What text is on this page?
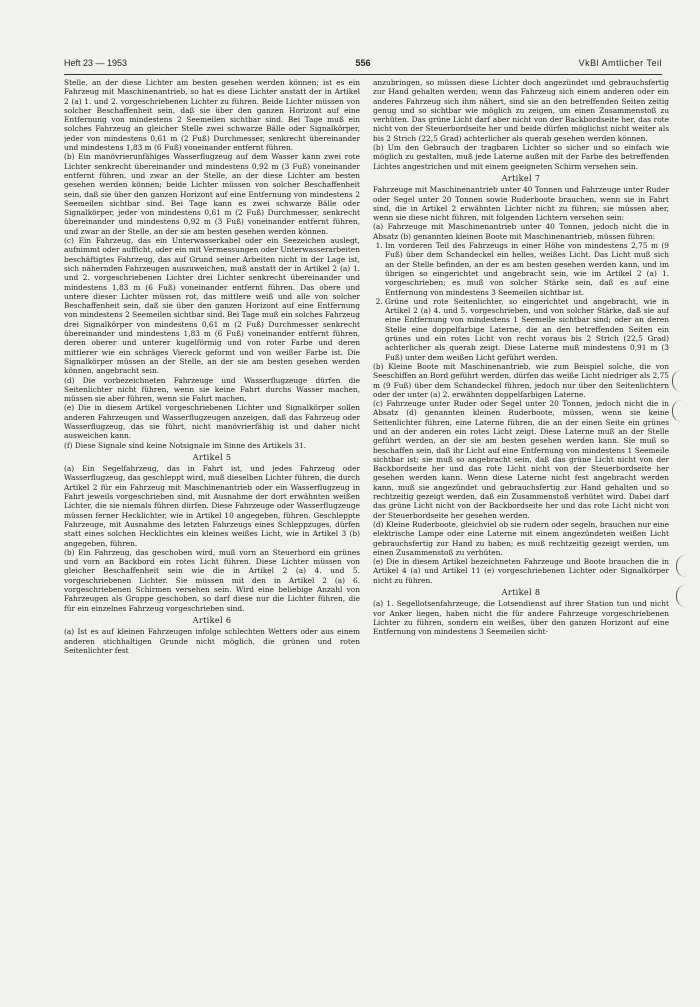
Heft 23 — 1953	556	VkBl Amtlicher Teil

Stelle, an der diese Lichter am besten gesehen werden können; ist es ein Fahrzeug mit Maschinenantrieb, so hat es diese Lichter anstatt der in Artikel 2 (a) 1. und 2. vorgeschriebenen Lichter zu führen. Beide Lichter müssen von solcher Beschaffenheit sein, daß sie über den ganzen Horizont auf eine Entfernung von mindestens 2 Seemeilen sichtbar sind. Bei Tage muß ein solches Fahrzeug an gleicher Stelle zwei schwarze Bälle oder Signalkörper, jeder von mindestens 0,61 m (2 Fuß) Durchmesser, senkrecht übereinander und mindestens 1,83 m (6 Fuß) voneinander entfernt führen.

(b) Ein manövrierunfähiges Wasserflugzeug auf dem Wasser kann zwei rote Lichter senkrecht übereinander und mindestens 0,92 m (3 Fuß) voneinander entfernt führen, und zwar an der Stelle, an der diese Lichter am besten gesehen werden können; beide Lichter müssen von solcher Beschaffenheit sein, daß sie über den ganzen Horizont auf eine Entfernung von mindestens 2 Seemeilen sichtbar sind. Bei Tage kann es zwei schwarze Bälle oder Signalkörper, jeder von mindestens 0,61 m (2 Fuß) Durchmesser, senkrecht übereinander und mindestens 0,92 m (3 Fuß) voneinander entfernt führen, und zwar an der Stelle, an der sie am besten gesehen werden können.

(c) Ein Fahrzeug, das ein Unterwasserkabel oder ein Seezeichen auslegt, aufnimmt oder aufficht, oder ein mit Vermessungen oder Unterwasserarbeiten beschäftigtes Fahrzeug, das auf Grund seiner Arbeiten nicht in der Lage ist, sich nähernden Fahrzeugen auszuweichen, muß anstatt der in Artikel 2 (a) 1. und 2. vorgeschriebenen Lichter drei Lichter senkrecht übereinander und mindestens 1,83 m (6 Fuß) voneinander entfernt führen. Das obere und untere dieser Lichter müssen rot, das mittlere weiß und alle von solcher Beschaffenheit sein, daß sie über den ganzen Horizont auf eine Entfernung von mindestens 2 Seemeilen sichtbar sind. Bei Tage muß ein solches Fahrzeug drei Signalkörper von mindestens 0,61 m (2 Fuß) Durchmesser senkrecht übereinander und mindestens 1,83 m (6 Fuß) voneinander entfernt führen, deren oberer und unterer kugelförmig und von roter Farbe und deren mittlerer wie ein schräges Viereck geformt und von weißer Farbe ist. Die Signalkörper müssen an der Stelle, an der sie am besten gesehen werden können, angebracht sein.

(d) Die vorbezeichneten Fahrzeuge und Wasserflugzeuge dürfen die Seitenlichter nicht führen, wenn sie keine Fahrt durchs Wasser machen, müssen sie aber führen, wenn sie Fahrt machen.

(e) Die in diesem Artikel vorgeschriebenen Lichter und Signalkörper sollen anderen Fahrzeugen und Wasserflugzeugen anzeigen, daß das Fahrzeug oder Wasserflugzeug, das sie führt, nicht manövrierfähig ist und daher nicht ausweichen kann.

(f) Diese Signale sind keine Notsignale im Sinne des Artikels 31.

Artikel 5

(a) Ein Segelfahrzeug, das in Fahrt ist, und jedes Fahrzeug oder Wasserflugzeug, das geschleppt wird, muß dieselben Lichter führen, die durch Artikel 2 für ein Fahrzeug mit Maschinenantrieb oder ein Wasserflugzeug in Fahrt jeweils vorgeschrieben sind, mit Ausnahme der dort erwähnten weißen Lichter, die sie niemals führen dürfen. Diese Fahrzeuge oder Wasserflugzeuge müssen ferner Hecklichter, wie in Artikel 10 angegeben, führen. Geschleppte Fahrzeuge, mit Ausnahme des letzten Fahrzeugs eines Schleppzuges, dürfen statt eines solchen Hecklichtes ein kleines weißes Licht, wie in Artikel 3 (b) angegeben, führen.

(b) Ein Fahrzeug, das geschoben wird, muß vorn an Steuerbord ein grünes und vorn an Backbord ein rotes Licht führen. Diese Lichter müssen von gleicher Beschaffenheit sein wie die in Artikel 2 (a) 4. und 5. vorgeschriebenen Lichter. Sie müssen mit den in Artikel 2 (a) 6. vorgeschriebenen Schirmen versehen sein. Wird eine beliebige Anzahl von Fahrzeugen als Gruppe geschoben, so darf diese nur die Lichter führen, die für ein einzelnes Fahrzeug vorgeschrieben sind.

Artikel 6

(a) Ist es auf kleinen Fahrzeugen infolge schlechten Wetters oder aus einem anderen stichhaltigen Grunde nicht möglich, die grünen und roten Seitenlichter fest

anzubringen, so müssen diese Lichter doch angezündet und gebrauchsfertig zur Hand gehalten werden; wenn das Fahrzeug sich einem anderen oder ein anderes Fahrzeug sich ihm nähert, sind sie an den betreffenden Seiten zeitig genug und so sichtbar wie möglich zu zeigen, um einen Zusammenstoß zu verhüten. Das grüne Licht darf aber nicht von der Backbordseite her, das rote nicht von der Steuerbordseite her und beide dürfen möglichst nicht weiter als bis 2 Strich (22,5 Grad) achterlicher als querab gesehen werden können.

(b) Um den Gebrauch der tragbaren Lichter so sicher und so einfach wie möglich zu gestalten, muß jede Laterne außen mit der Farbe des betreffenden Lichtes angestrichen und mit einem geeigneten Schirm versehen sein.

Artikel 7

Fahrzeuge mit Maschinenantrieb unter 40 Tonnen und Fahrzeuge unter Ruder oder Segel unter 20 Tonnen sowie Ruderboote brauchen, wenn sie in Fahrt sind, die in Artikel 2 erwähnten Lichter nicht zu führen; sie müssen aber, wenn sie diese nicht führen, mit folgenden Lichtern versehen sein:

(a) Fahrzeuge mit Maschinenantrieb unter 40 Tonnen, jedoch nicht die in Absatz (b) genannten kleinen Boote mit Maschinenantrieb, müssen führen:

1. Im vorderen Teil des Fahrzeugs in einer Höhe von mindestens 2,75 m (9 Fuß) über dem Schandeckel ein helles, weißes Licht. Das Licht muß sich an der Stelle befinden, an der es am besten gesehen werden kann, und im übrigen so eingerichtet und angebracht sein, wie im Artikel 2 (a) 1. vorgeschrieben; es muß von solcher Stärke sein, daß es auf eine Entfernung von mindestens 3 Seemeilen sichtbar ist.
2. Grüne und rote Seitenlichter, so eingerichtet und angebracht, wie in Artikel 2 (a) 4. und 5. vorgeschrieben, und von solcher Stärke, daß sie auf eine Entfernung von mindestens 1 Seemeile sichtbar sind; oder an deren Stelle eine doppelfarbige Laterne, die an den betreffenden Seiten ein grünes und ein rotes Licht von recht voraus bis 2 Strich (22,5 Grad) achterlicher als querab zeigt. Diese Laterne muß mindestens 0,91 m (3 Fuß) unter dem weißen Licht geführt werden.

(b) Kleine Boote mit Maschinenantrieb, wie zum Beispiel solche, die von Seeschiffen an Bord geführt werden, dürfen das weiße Licht niedriger als 2,75 m (9 Fuß) über dem Schandeckel führen, jedoch nur über den Seitenlichtern oder der unter (a) 2. erwähnten doppelfarbigen Laterne.

(c) Fahrzeuge unter Ruder oder Segel unter 20 Tonnen, jedoch nicht die in Absatz (d) genannten kleinen Ruderboote, müssen, wenn sie keine Seitenlichter führen, eine Laterne führen, die an der einen Seite ein grünes und an der anderen ein rotes Licht zeigt. Diese Laterne muß an der Stelle geführt werden, an der sie am besten gesehen werden kann. Sie muß so beschaffen sein, daß ihr Licht auf eine Entfernung von mindestens 1 Seemeile sichtbar ist; sie muß so angebracht sein, daß das grüne Licht nicht von der Backbordseite her und das rote Licht nicht von der Steuerbordseite her gesehen werden kann. Wenn diese Laterne nicht fest angebracht werden kann, muß sie angezündet und gebrauchsfertig zur Hand gehalten und so rechtzeitig gezeigt werden, daß ein Zusammenstoß verhütet wird. Dabei darf das grüne Licht nicht von der Backbordseite her und das rote Licht nicht von der Steuerbordseite her gesehen werden.

(d) Kleine Ruderboote, gleichviel ob sie rudern oder segeln, brauchen nur eine elektrische Lampe oder eine Laterne mit einem angezündeten weißen Licht gebrauchsfertig zur Hand zu haben; es muß rechtzeitig gezeigt werden, um einen Zusammenstoß zu verhüten.

(e) Die in diesem Artikel bezeichneten Fahrzeuge und Boote brauchen die in Artikel 4 (a) und Artikel 11 (e) vorgeschriebenen Lichter oder Signalkörper nicht zu führen.

Artikel 8

(a) 1. Segellotsenfahrzeuge, die Lotsendienst auf ihrer Station tun und nicht vor Anker liegen, haben nicht die für andere Fahrzeuge vorgeschriebenen Lichter zu führen, sondern ein weißes, über den ganzen Horizont auf eine Entfernung von mindestens 3 Seemeilen sicht-
